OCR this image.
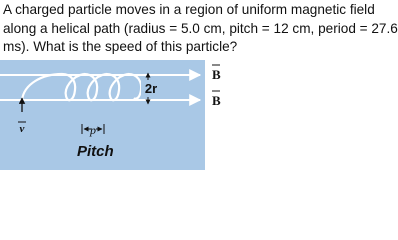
A charged particle moves in a region of uniform magnetic field
along a helical path (radius = 5.0 cm, pitch = 12 cm, period = 27.6
ms). What is the speed of this particle?
v
2r
B
B
p
Pitch
